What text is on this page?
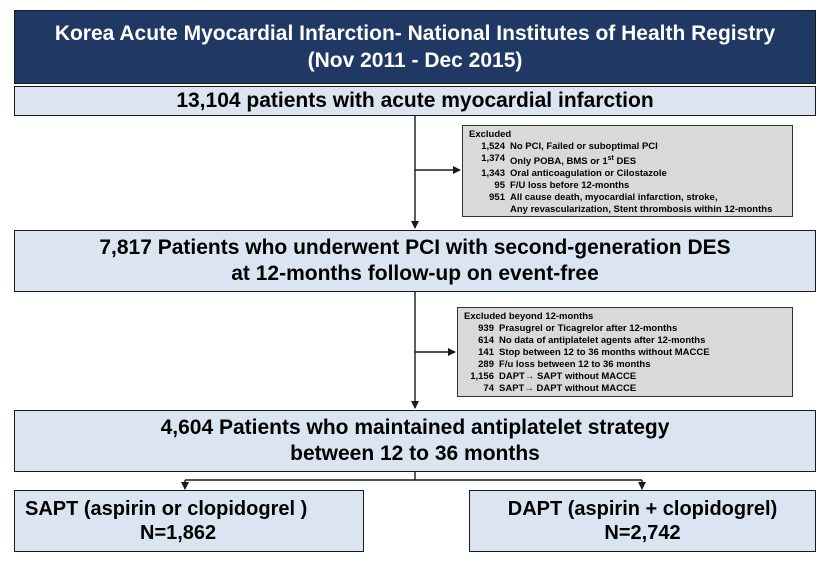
Korea Acute Myocardial Infarction- National Institutes of Health Registry
(Nov 2011 - Dec 2015)
13,104 patients with acute myocardial infarction
Excluded
1,524 No PCI, Failed or suboptimal PCI
1,374 Only POBA, BMS or 1st DES
1,343 Oral anticoagulation or Cilostazole
95 F/U loss before 12-months
951 All cause death, myocardial infarction, stroke,
Any revascularization, Stent thrombosis within 12-months
7,817 Patients who underwent PCI with second-generation DES
at 12-months follow-up on event-free
Excluded beyond 12-months
939 Prasugrel or Ticagrelor after 12-months
614 No data of antiplatelet agents after 12-months
141 Stop between 12 to 36 months without MACCE
289 F/u loss between 12 to 36 months
1,156 DAPT→ SAPT without MACCE
74 SAPT→ DAPT without MACCE
4,604 Patients who maintained antiplatelet strategy
between 12 to 36 months
SAPT (aspirin or clopidogrel )
N=1,862
DAPT (aspirin + clopidogrel)
N=2,742
